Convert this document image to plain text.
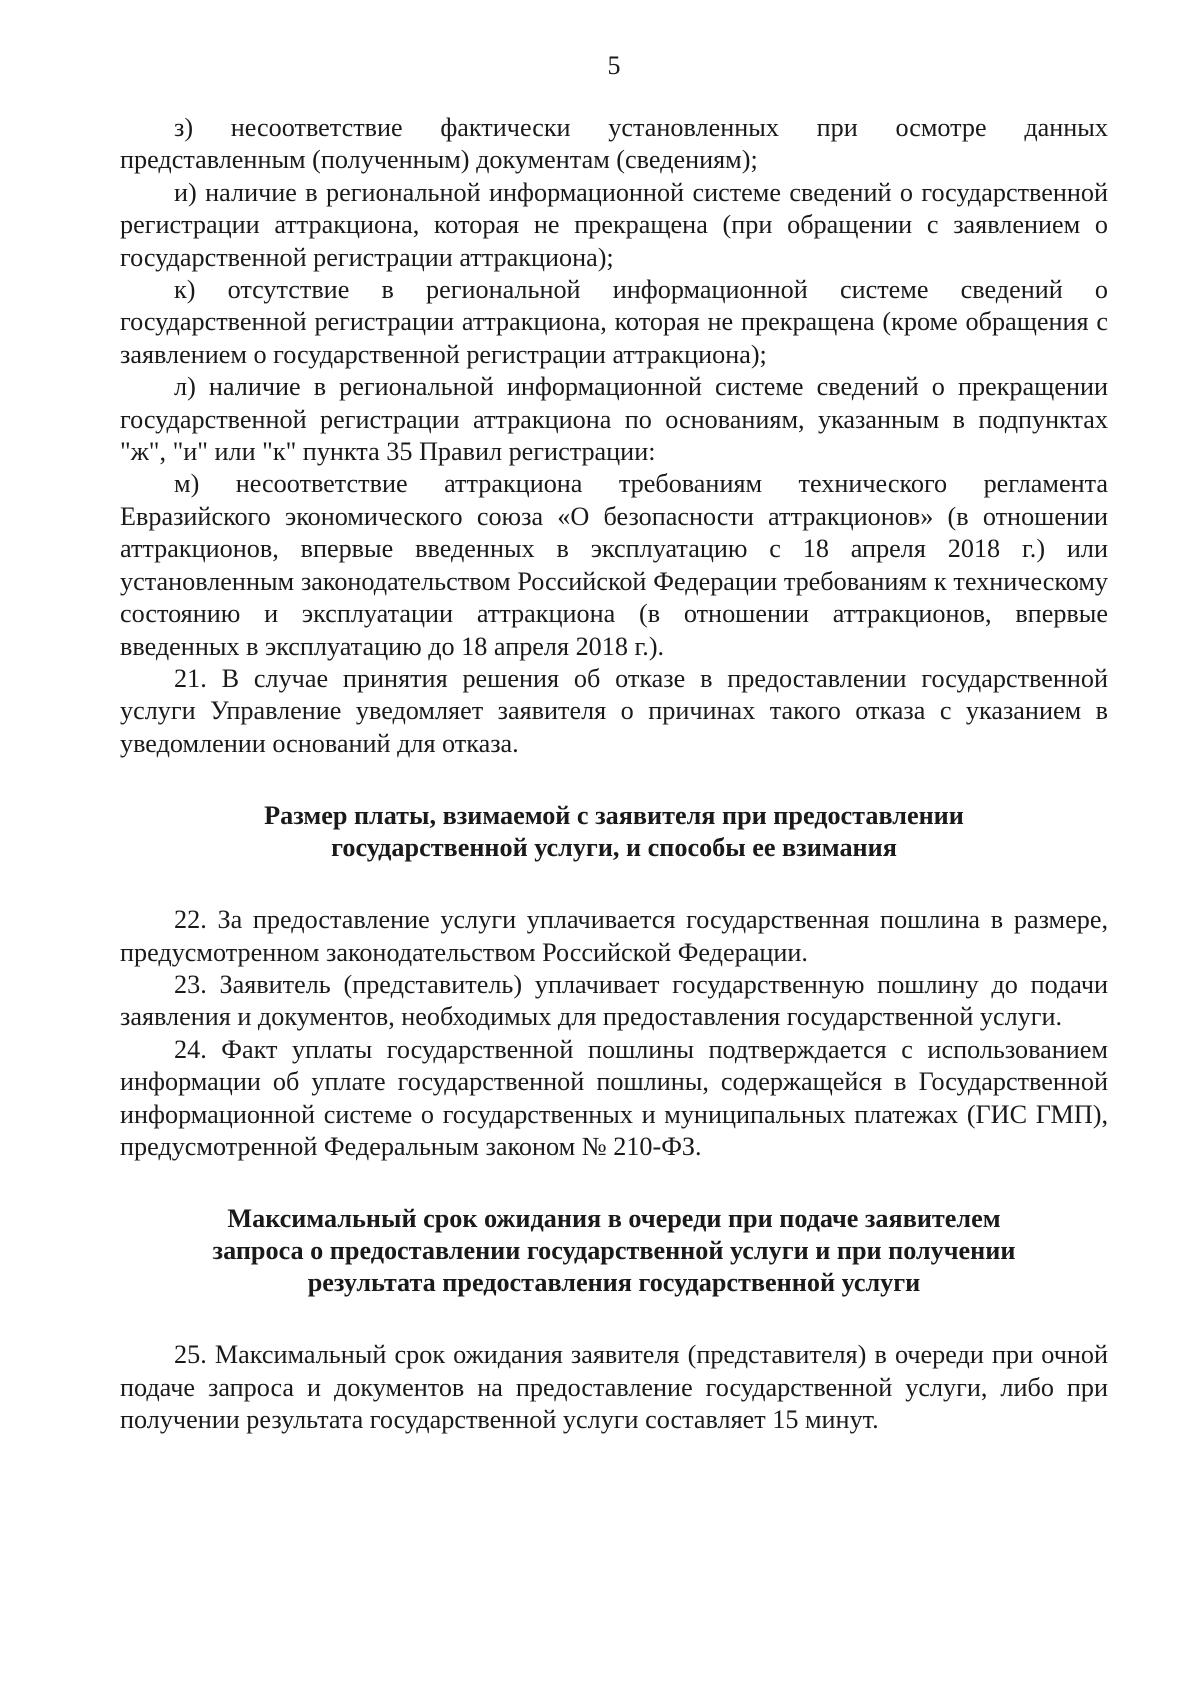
5

з) несоответствие фактически установленных при осмотре данных представленным (полученным) документам (сведениям);

и) наличие в региональной информационной системе сведений о государственной регистрации аттракциона, которая не прекращена (при обращении с заявлением о государственной регистрации аттракциона);

к) отсутствие в региональной информационной системе сведений о государственной регистрации аттракциона, которая не прекращена (кроме обращения с заявлением о государственной регистрации аттракциона);

л) наличие в региональной информационной системе сведений о прекращении государственной регистрации аттракциона по основаниям, указанным в подпунктах "ж", "и" или "к" пункта 35 Правил регистрации:

м) несоответствие аттракциона требованиям технического регламента Евразийского экономического союза «О безопасности аттракционов» (в отношении аттракционов, впервые введенных в эксплуатацию с 18 апреля 2018 г.) или установленным законодательством Российской Федерации требованиям к техническому состоянию и эксплуатации аттракциона (в отношении аттракционов, впервые введенных в эксплуатацию до 18 апреля 2018 г.).

21. В случае принятия решения об отказе в предоставлении государственной услуги Управление уведомляет заявителя о причинах такого отказа с указанием в уведомлении оснований для отказа.

Размер платы, взимаемой с заявителя при предоставлении
государственной услуги, и способы ее взимания

22. За предоставление услуги уплачивается государственная пошлина в размере, предусмотренном законодательством Российской Федерации.

23. Заявитель (представитель) уплачивает государственную пошлину до подачи заявления и документов, необходимых для предоставления государственной услуги.

24. Факт уплаты государственной пошлины подтверждается с использованием информации об уплате государственной пошлины, содержащейся в Государственной информационной системе о государственных и муниципальных платежах (ГИС ГМП), предусмотренной Федеральным законом № 210-ФЗ.

Максимальный срок ожидания в очереди при подаче заявителем
запроса о предоставлении государственной услуги и при получении
результата предоставления государственной услуги

25. Максимальный срок ожидания заявителя (представителя) в очереди при очной подаче запроса и документов на предоставление государственной услуги, либо при получении результата государственной услуги составляет 15 минут.
